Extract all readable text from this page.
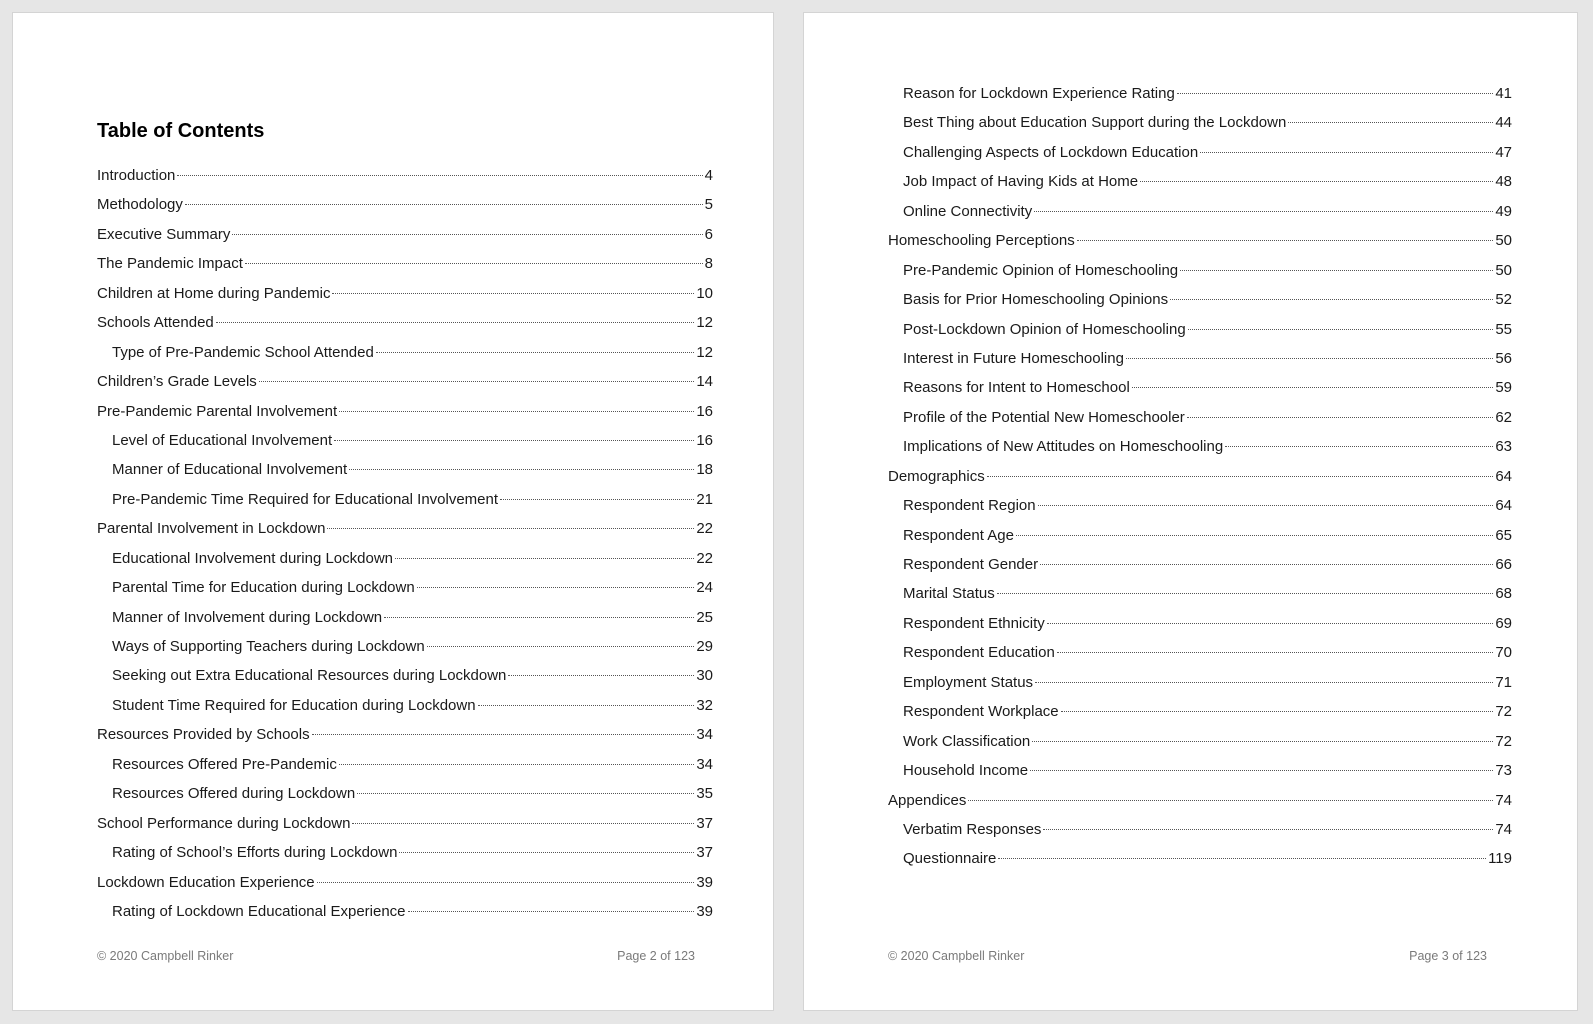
Table of Contents
Introduction	4
Methodology	5
Executive Summary	6
The Pandemic Impact	8
Children at Home during Pandemic	10
Schools Attended	12
Type of Pre-Pandemic School Attended	12
Children’s Grade Levels	14
Pre-Pandemic Parental Involvement	16
Level of Educational Involvement	16
Manner of Educational Involvement	18
Pre-Pandemic Time Required for Educational Involvement	21
Parental Involvement in Lockdown	22
Educational Involvement during Lockdown	22
Parental Time for Education during Lockdown	24
Manner of Involvement during Lockdown	25
Ways of Supporting Teachers during Lockdown	29
Seeking out Extra Educational Resources during Lockdown	30
Student Time Required for Education during Lockdown	32
Resources Provided by Schools	34
Resources Offered Pre-Pandemic	34
Resources Offered during Lockdown	35
School Performance during Lockdown	37
Rating of School’s Efforts during Lockdown	37
Lockdown Education Experience	39
Rating of Lockdown Educational Experience	39
© 2020 Campbell Rinker	Page 2 of 123
Reason for Lockdown Experience Rating	41
Best Thing about Education Support during the Lockdown	44
Challenging Aspects of Lockdown Education	47
Job Impact of Having Kids at Home	48
Online Connectivity	49
Homeschooling Perceptions	50
Pre-Pandemic Opinion of Homeschooling	50
Basis for Prior Homeschooling Opinions	52
Post-Lockdown Opinion of Homeschooling	55
Interest in Future Homeschooling	56
Reasons for Intent to Homeschool	59
Profile of the Potential New Homeschooler	62
Implications of New Attitudes on Homeschooling	63
Demographics	64
Respondent Region	64
Respondent Age	65
Respondent Gender	66
Marital Status	68
Respondent Ethnicity	69
Respondent Education	70
Employment Status	71
Respondent Workplace	72
Work Classification	72
Household Income	73
Appendices	74
Verbatim Responses	74
Questionnaire	119
© 2020 Campbell Rinker	Page 3 of 123
